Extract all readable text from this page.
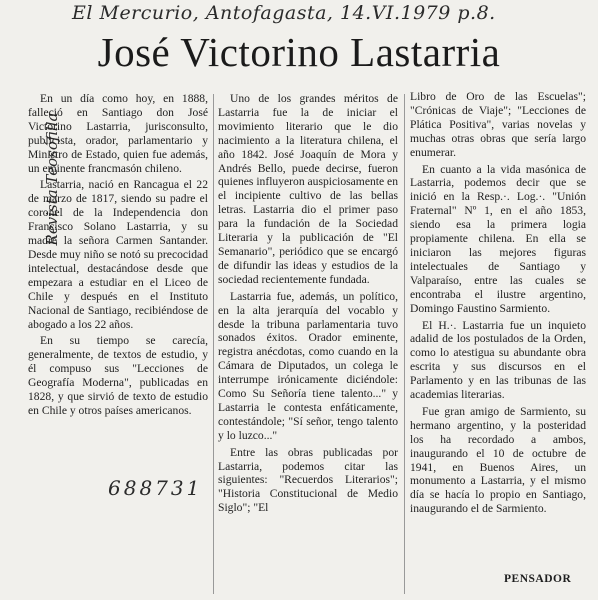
El Mercurio, Antofagasta, 14.VI.1979 p.8.
Revista Teosófilla
José Victorino Lastarria

En un día como hoy, en 1888, falleció en Santiago don José Victorino Lastarria, jurisconsulto, publicista, orador, parlamentario y Ministro de Estado, quien fue además, un eminente francmasón chileno.

Lastarria, nació en Rancagua el 22 de marzo de 1817, siendo su padre el coronel de la Independencia don Francisco Solano Lastarria, y su madre la señora Carmen Santander. Desde muy niño se notó su precocidad intelectual, destacándose desde que empezara a estudiar en el Liceo de Chile y después en el Instituto Nacional de Santiago, recibiéndose de abogado a los 22 años.

En su tiempo se carecía, generalmente, de textos de estudio, y él compuso sus "Lecciones de Geografía Moderna", publicadas en 1828, y que sirvió de texto de estudio en Chile y otros países americanos.

Uno de los grandes méritos de Lastarria fue la de iniciar el movimiento literario que le dio nacimiento a la literatura chilena, el año 1842. José Joaquín de Mora y Andrés Bello, puede decirse, fueron quienes influyeron auspiciosamente en el incipiente cultivo de las bellas letras. Lastarria dio el primer paso para la fundación de la Sociedad Literaria y la publicación de "El Semanario", periódico que se encargó de difundir las ideas y estudios de la sociedad recientemente fundada.

Lastarria fue, además, un político, en la alta jerarquía del vocablo y desde la tribuna parlamentaria tuvo sonados éxitos. Orador eminente, registra anécdotas, como cuando en la Cámara de Diputados, un colega le interrumpe irónicamente diciéndole: Como Su Señoría tiene talento..." y Lastarria le contesta enfáticamente, contestándole; "Sí señor, tengo talento y lo luzco..."

Entre las obras publicadas por Lastarria, podemos citar las siguientes: "Recuerdos Literarios"; "Historia Constitucional de Medio Siglo"; "El

Libro de Oro de las Escuelas"; "Crónicas de Viaje"; "Lecciones de Plática Positiva", varias novelas y muchas otras obras que sería largo enumerar.

En cuanto a la vida masónica de Lastarria, podemos decir que se inició en la Resp.·. Log.·. "Unión Fraternal" Nº 1, en el año 1853, siendo esa la primera logia propiamente chilena. En ella se iniciaron las mejores figuras intelectuales de Santiago y Valparaíso, entre las cuales se encontraba el ilustre argentino, Domingo Faustino Sarmiento.

El H.·. Lastarria fue un inquieto adalid de los postulados de la Orden, como lo atestigua su abundante obra escrita y sus discursos en el Parlamento y en las tribunas de las academias literarias.

Fue gran amigo de Sarmiento, su hermano argentino, y la posteridad los ha recordado a ambos, inaugurando el 10 de octubre de 1941, en Buenos Aires, un monumento a Lastarria, y el mismo día se hacía lo propio en Santiago, inaugurando el de Sarmiento.

688731
PENSADOR
